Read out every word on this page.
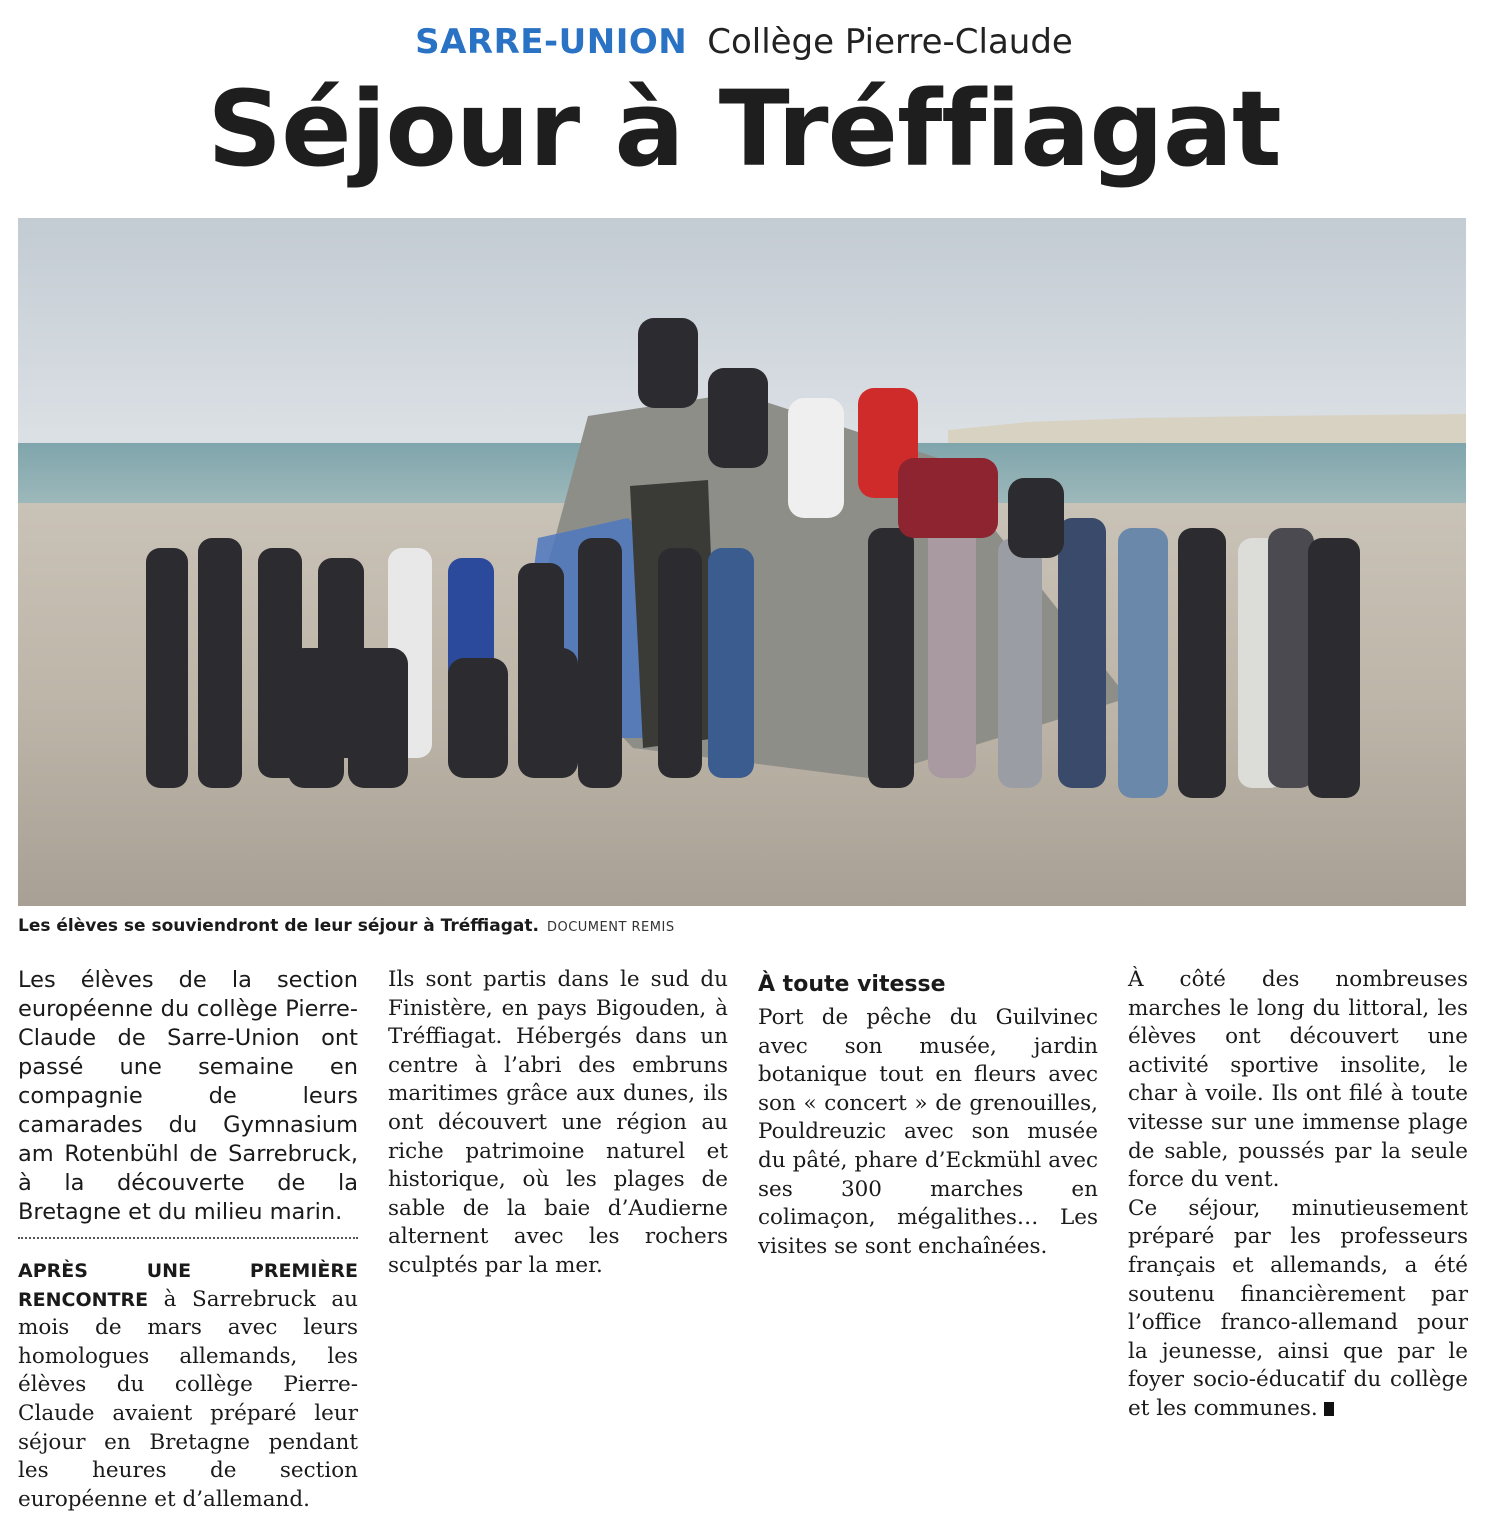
SARRE-UNION Collège Pierre-Claude
Séjour à Tréffiagat
Les élèves se souviendront de leur séjour à Tréffiagat. DOCUMENT REMIS

Les élèves de la section européenne du collège Pierre-Claude de Sarre-Union ont passé une semaine en compagnie de leurs camarades du Gymnasium am Rotenbühl de Sarrebruck, à la découverte de la Bretagne et du milieu marin.

APRÈS UNE PREMIÈRE RENCONTRE à Sarrebruck au mois de mars avec leurs homologues allemands, les élèves du collège Pierre-Claude avaient préparé leur séjour en Bretagne pendant les heures de section européenne et d’allemand.

Ils sont partis dans le sud du Finistère, en pays Bigouden, à Tréffiagat. Hébergés dans un centre à l’abri des embruns maritimes grâce aux dunes, ils ont découvert une région au riche patrimoine naturel et historique, où les plages de sable de la baie d’Audierne alternent avec les rochers sculptés par la mer.

À toute vitesse

Port de pêche du Guilvinec avec son musée, jardin botanique tout en fleurs avec son « concert » de grenouilles, Pouldreuzic avec son musée du pâté, phare d’Eckmühl avec ses 300 marches en colimaçon, mégalithes… Les visites se sont enchaînées.

À côté des nombreuses marches le long du littoral, les élèves ont découvert une activité sportive insolite, le char à voile. Ils ont filé à toute vitesse sur une immense plage de sable, poussés par la seule force du vent.

Ce séjour, minutieusement préparé par les professeurs français et allemands, a été soutenu financièrement par l’office franco-allemand pour la jeunesse, ainsi que par le foyer socio-éducatif du collège et les communes.
